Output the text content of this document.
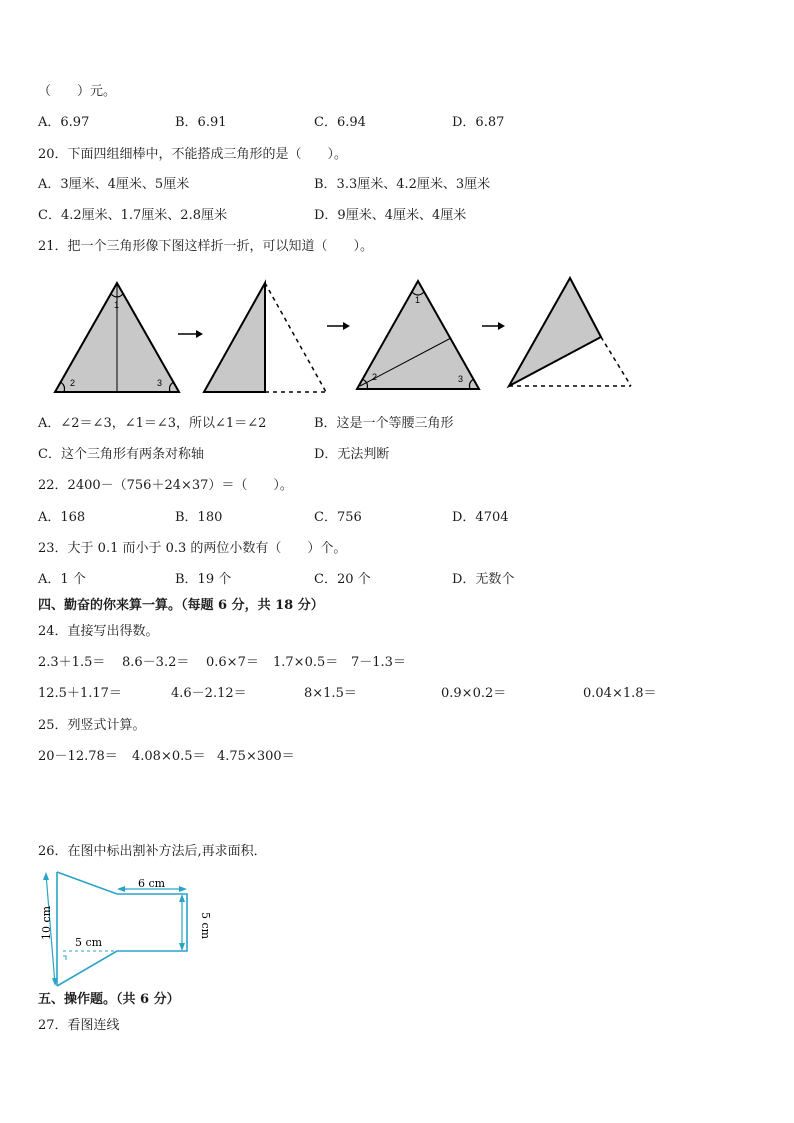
（　　）元。
A．6.97	B．6.91	C．6.94	D．6.87
20．下面四组细棒中，不能搭成三角形的是（　　）。
A．3厘米、4厘米、5厘米	B．3.3厘米、4.2厘米、3厘米
C．4.2厘米、1.7厘米、2.8厘米	D．9厘米、4厘米、4厘米
21．把一个三角形像下图这样折一折，可以知道（　　）。
1
2	3
1
2	3
A．∠2＝∠3，∠1＝∠3，所以∠1＝∠2	B．这是一个等腰三角形
C．这个三角形有两条对称轴	D．无法判断
22．2400－（756＋24×37）＝（　　）。
A．168	B．180	C．756	D．4704
23．大于 0.1 而小于 0.3 的两位小数有（　　）个。
A．1 个	B．19 个	C．20 个	D．无数个
四、勤奋的你来算一算。（每题 6 分，共 18 分）
24．直接写出得数。
2.3＋1.5＝ 8.6－3.2＝ 0.6×7＝ 1.7×0.5＝ 7－1.3＝
12.5＋1.17＝	4.6－2.12＝	8×1.5＝	0.9×0.2＝	0.04×1.8＝
25．列竖式计算。
20－12.78＝ 4.08×0.5＝ 4.75×300＝
26．在图中标出割补方法后,再求面积．
6 cm
5 cm
10 cm
5 cm
五、操作题。（共 6 分）
27．看图连线
